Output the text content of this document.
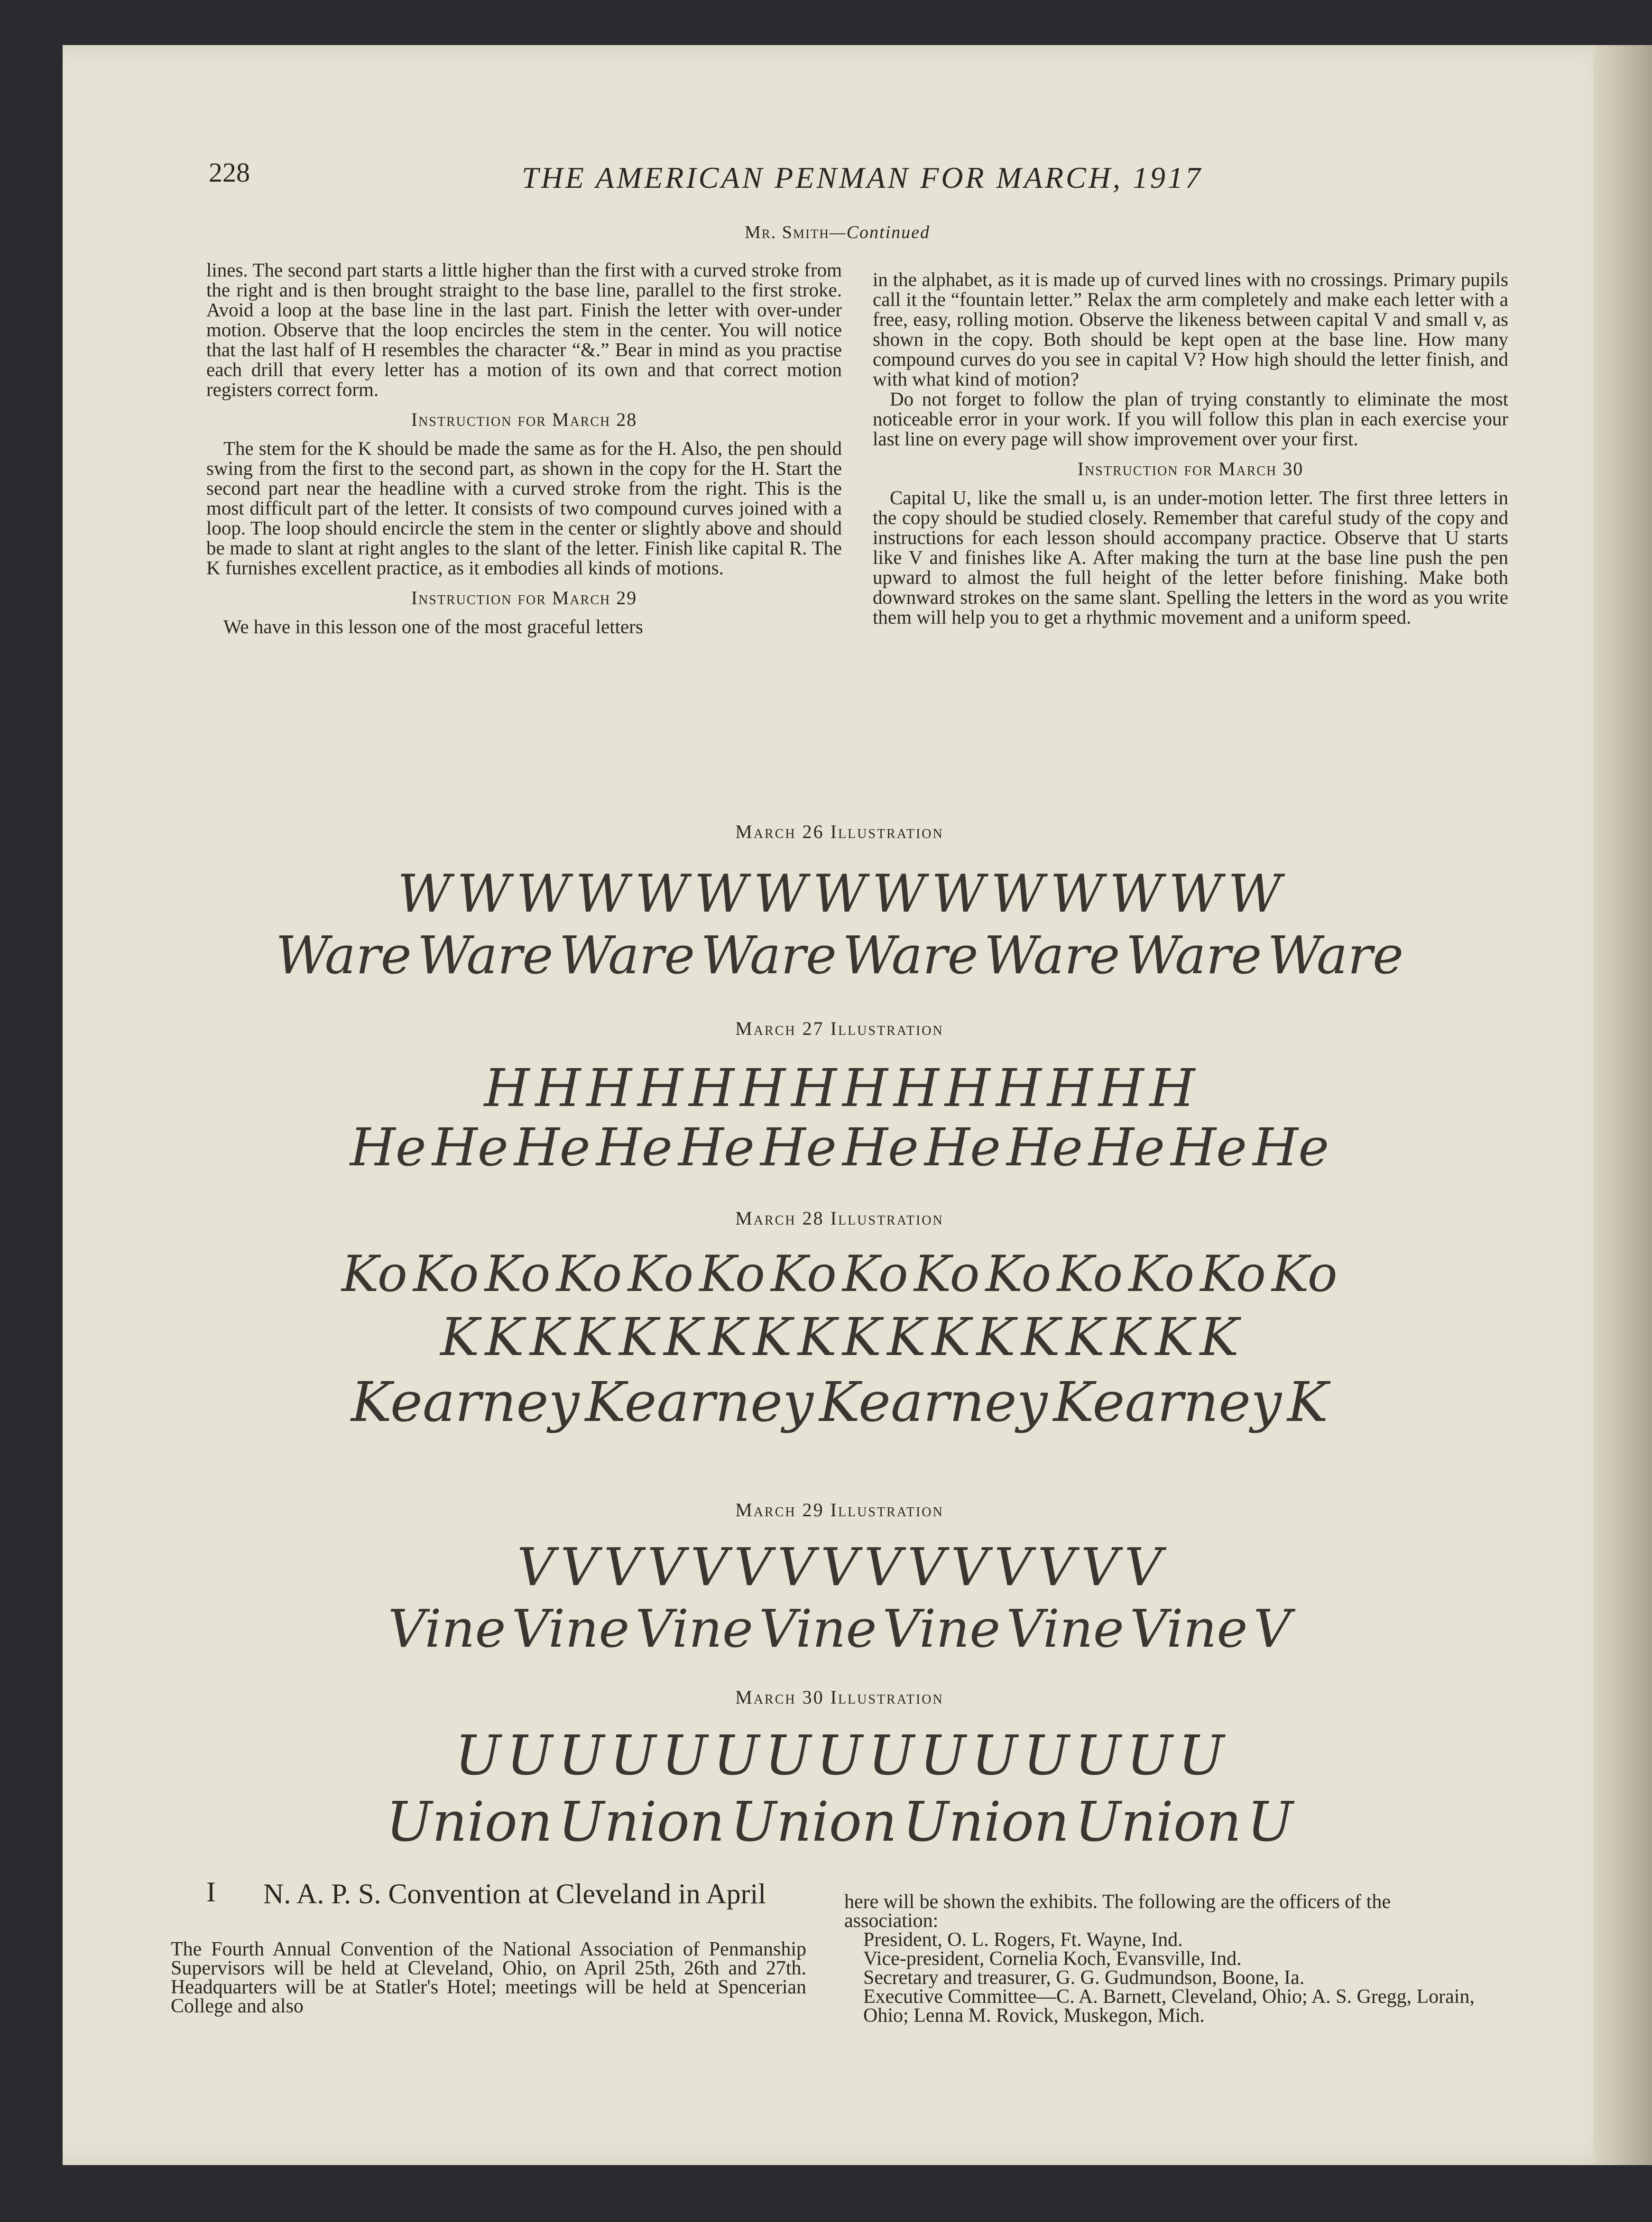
228	THE AMERICAN PENMAN FOR MARCH, 1917
Mr. Smith—Continued

lines. The second part starts a little higher than the first with a curved stroke from the right and is then brought straight to the base line, parallel to the first stroke. Avoid a loop at the base line in the last part. Finish the letter with over-under motion. Observe that the loop encircles the stem in the center. You will notice that the last half of H resembles the character “&.” Bear in mind as you practise each drill that every letter has a motion of its own and that correct motion registers correct form.

Instruction for March 28

The stem for the K should be made the same as for the H. Also, the pen should swing from the first to the second part, as shown in the copy for the H. Start the second part near the headline with a curved stroke from the right. This is the most difficult part of the letter. It consists of two compound curves joined with a loop. The loop should encircle the stem in the center or slightly above and should be made to slant at right angles to the slant of the letter. Finish like capital R. The K furnishes excellent practice, as it embodies all kinds of motions.

Instruction for March 29

We have in this lesson one of the most graceful letters

in the alphabet, as it is made up of curved lines with no crossings. Primary pupils call it the “fountain letter.” Relax the arm completely and make each letter with a free, easy, rolling motion. Observe the likeness between capital V and small v, as shown in the copy. Both should be kept open at the base line. How many compound curves do you see in capital V? How high should the letter finish, and with what kind of motion?

Do not forget to follow the plan of trying constantly to eliminate the most noticeable error in your work. If you will follow this plan in each exercise your last line on every page will show improvement over your first.

Instruction for March 30

Capital U, like the small u, is an under-motion letter. The first three letters in the copy should be studied closely. Remember that careful study of the copy and instructions for each lesson should accompany practice. Observe that U starts like V and finishes like A. After making the turn at the base line push the pen upward to almost the full height of the letter before finishing. Make both downward strokes on the same slant. Spelling the letters in the word as you write them will help you to get a rhythmic movement and a uniform speed.

March 26 Illustration
W W W W W W W W W W W W W W W
Ware Ware Ware Ware Ware Ware Ware Ware
March 27 Illustration
H H H H H H H H H H H H H H
He He He He He He He He He He He He
March 28 Illustration
Ko Ko Ko Ko Ko Ko Ko Ko Ko Ko Ko Ko Ko Ko
K K K K K K K K K K K K K K K K K K
Kearney Kearney Kearney Kearney K
March 29 Illustration
V V V V V V V V V V V V V V V
Vine Vine Vine Vine Vine Vine Vine V
March 30 Illustration
U U U U U U U U U U U U U U U
Union Union Union Union Union U
I	N. A. P. S. Convention at Cleveland in April
The Fourth Annual Convention of the National Association of Penmanship Supervisors will be held at Cleveland, Ohio, on April 25th, 26th and 27th. Headquarters will be at Statler's Hotel; meetings will be held at Spencerian College and also

here will be shown the exhibits. The following are the officers of the association:

President, O. L. Rogers, Ft. Wayne, Ind.

Vice-president, Cornelia Koch, Evansville, Ind.

Secretary and treasurer, G. G. Gudmundson, Boone, Ia.

Executive Committee—C. A. Barnett, Cleveland, Ohio; A. S. Gregg, Lorain, Ohio; Lenna M. Rovick, Muskegon, Mich.
